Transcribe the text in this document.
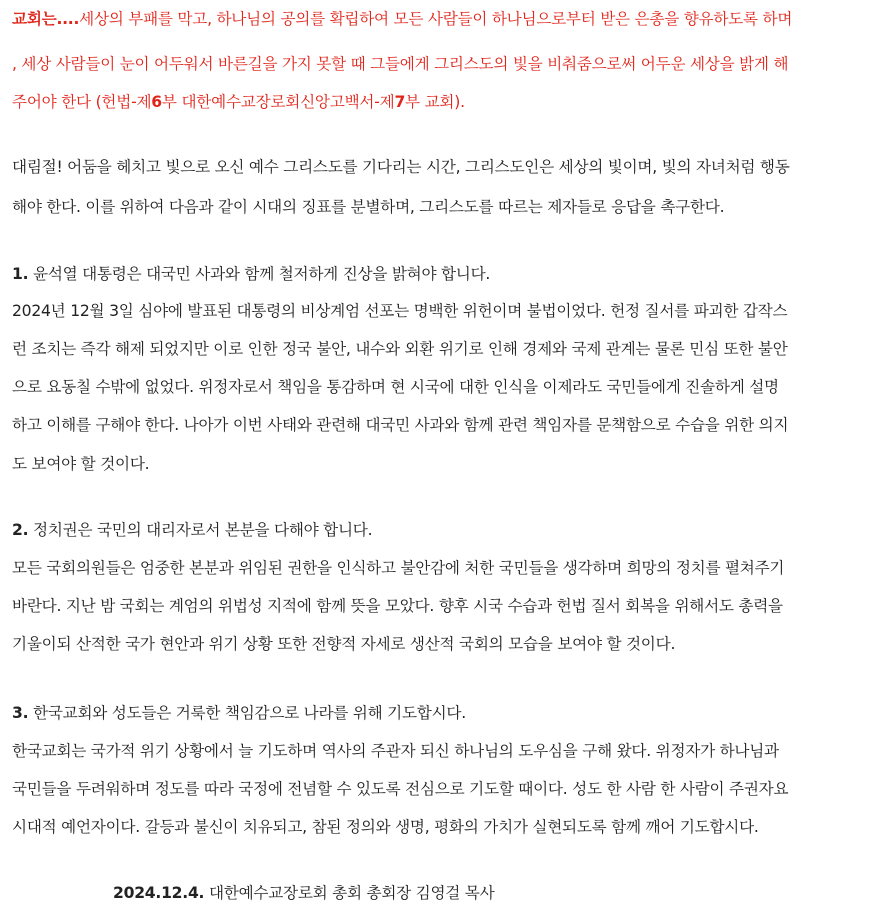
교회는....세상의 부패를 막고, 하나님의 공의를 확립하여 모든 사람들이 하나님으로부터 받은 은총을 향유하도록 하며
, 세상 사람들이 눈이 어두워서 바른길을 가지 못할 때 그들에게 그리스도의 빛을 비춰줌으로써 어두운 세상을 밝게 해
주어야 한다 (헌법-제6부 대한예수교장로회신앙고백서-제7부 교회).
대림절! 어둠을 헤치고 빛으로 오신 예수 그리스도를 기다리는 시간, 그리스도인은 세상의 빛이며, 빛의 자녀처럼 행동
해야 한다. 이를 위하여 다음과 같이 시대의 징표를 분별하며, 그리스도를 따르는 제자들로 응답을 촉구한다.
1. 윤석열 대통령은 대국민 사과와 함께 철저하게 진상을 밝혀야 합니다.
2024년 12월 3일 심야에 발표된 대통령의 비상계엄 선포는 명백한 위헌이며 불법이었다. 헌정 질서를 파괴한 갑작스
런 조치는 즉각 해제 되었지만 이로 인한 정국 불안, 내수와 외환 위기로 인해 경제와 국제 관계는 물론 민심 또한 불안
으로 요동칠 수밖에 없었다. 위정자로서 책임을 통감하며 현 시국에 대한 인식을 이제라도 국민들에게 진솔하게 설명
하고 이해를 구해야 한다. 나아가 이번 사태와 관련해 대국민 사과와 함께 관련 책임자를 문책함으로 수습을 위한 의지
도 보여야 할 것이다.
2. 정치권은 국민의 대리자로서 본분을 다해야 합니다.
모든 국회의원들은 엄중한 본분과 위임된 권한을 인식하고 불안감에 처한 국민들을 생각하며 희망의 정치를 펼쳐주기
바란다. 지난 밤 국회는 계엄의 위법성 지적에 함께 뜻을 모았다. 향후 시국 수습과 헌법 질서 회복을 위해서도 총력을
기울이되 산적한 국가 현안과 위기 상황 또한 전향적 자세로 생산적 국회의 모습을 보여야 할 것이다.
3. 한국교회와 성도들은 거룩한 책임감으로 나라를 위해 기도합시다.
한국교회는 국가적 위기 상황에서 늘 기도하며 역사의 주관자 되신 하나님의 도우심을 구해 왔다. 위정자가 하나님과
국민들을 두려워하며 정도를 따라 국정에 전념할 수 있도록 전심으로 기도할 때이다. 성도 한 사람 한 사람이 주권자요
시대적 예언자이다. 갈등과 불신이 치유되고, 참된 정의와 생명, 평화의 가치가 실현되도록 함께 깨어 기도합시다.
2024.12.4. 대한예수교장로회 총회 총회장 김영걸 목사
